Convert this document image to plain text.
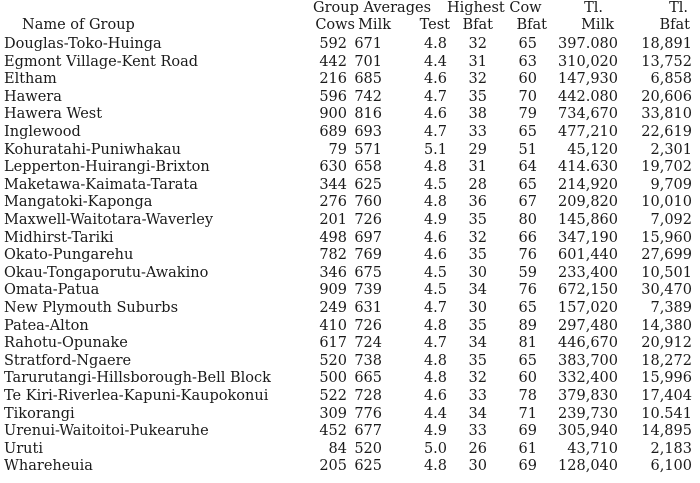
Group Averages Highest Cow	Tl.	Tl.
Name of Group	Cows Milk Test Bfat Bfat Milk	Bfat
Douglas-Toko-Huinga	592 671	4.8 32 65 397.080 18,891
Egmont Village-Kent Road	442 701	4.4 31 63 310,020 13,752
Eltham	216 685	4.6 32 60 147,930 6,858
Hawera	596 742	4.7 35 70 442.080 20,606
Hawera West	900 816	4.6 38 79 734,670 33,810
Inglewood	689 693	4.7 33 65 477,210 22,619
Kohuratahi-Puniwhakau	79 571	5.1 29 51 45,120 2,301
Lepperton-Huirangi-Brixton	630 658	4.8 31 64 414.630 19,702
Maketawa-Kaimata-Tarata	344 625	4.5 28 65 214,920 9,709
Mangatoki-Kaponga	276 760	4.8 36 67 209,820 10,010
Maxwell-Waitotara-Waverley	201 726	4.9 35 80 145,860 7,092
Midhirst-Tariki	498 697	4.6 32 66 347,190 15,960
Okato-Pungarehu	782 769	4.6 35 76 601,440 27,699
Okau-Tongaporutu-Awakino	346 675	4.5 30 59 233,400 10,501
Omata-Patua	909 739	4.5 34 76 672,150 30,470
New Plymouth Suburbs	249 631	4.7 30 65 157,020 7,389
Patea-Alton	410 726	4.8 35 89 297,480 14,380
Rahotu-Opunake	617 724	4.7 34 81 446,670 20,912
Stratford-Ngaere	520 738	4.8 35 65 383,700 18,272
Tarurutangi-Hillsborough-Bell Block	500 665	4.8 32 60 332,400 15,996
Te Kiri-Riverlea-Kapuni-Kaupokonui	522 728	4.6 33 78 379,830 17,404
Tikorangi	309 776	4.4 34 71 239,730 10.541
Urenui-Waitoitoi-Pukearuhe	452 677	4.9 33 69 305,940 14,895
Uruti	84 520	5.0 26 61 43,710 2,183
Whareheuia	205 625	4.8 30 69 128,040 6,100
